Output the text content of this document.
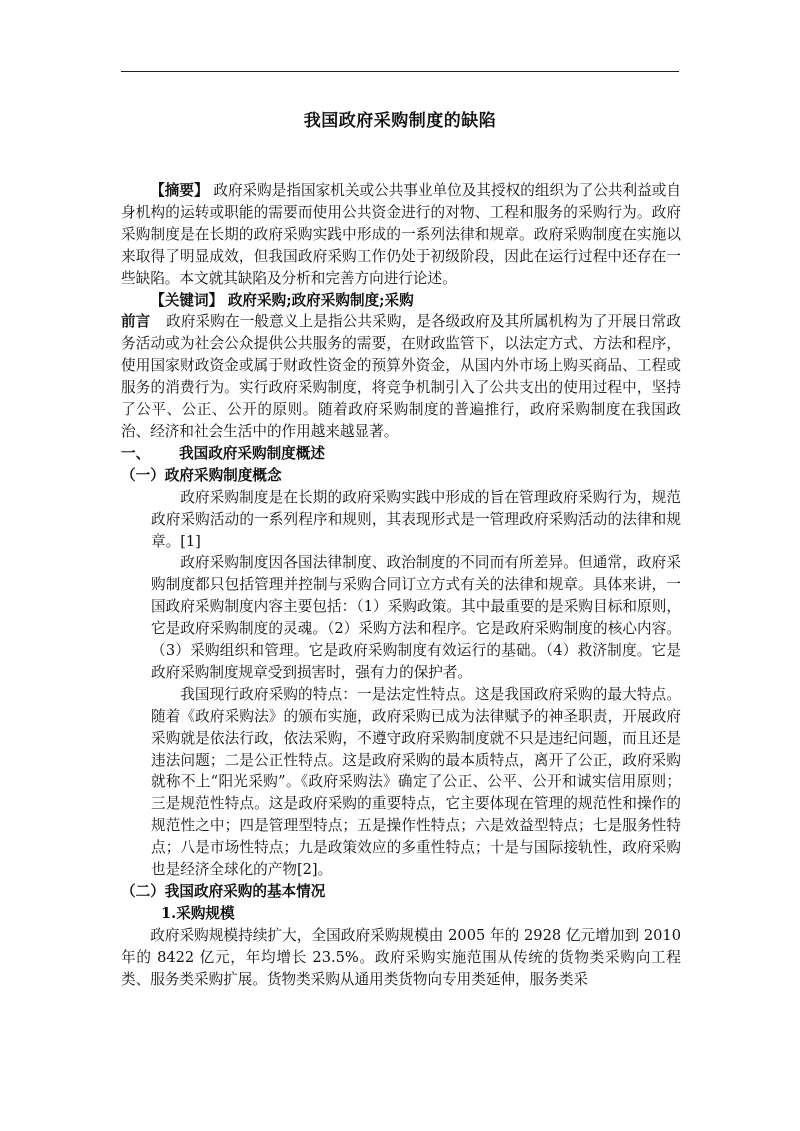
我国政府采购制度的缺陷

【摘要】 政府采购是指国家机关或公共事业单位及其授权的组织为了公共利益或自身机构的运转或职能的需要而使用公共资金进行的对物、工程和服务的采购行为。政府采购制度是在长期的政府采购实践中形成的一系列法律和规章。政府采购制度在实施以来取得了明显成效，但我国政府采购工作仍处于初级阶段，因此在运行过程中还存在一些缺陷。本文就其缺陷及分析和完善方向进行论述。

【关键词】 政府采购;政府采购制度;采购

前言 政府采购在一般意义上是指公共采购，是各级政府及其所属机构为了开展日常政务活动或为社会公众提供公共服务的需要，在财政监管下，以法定方式、方法和程序，使用国家财政资金或属于财政性资金的预算外资金，从国内外市场上购买商品、工程或服务的消费行为。实行政府采购制度，将竞争机制引入了公共支出的使用过程中，坚持了公平、公正、公开的原则。随着政府采购制度的普遍推行，政府采购制度在我国政治、经济和社会生活中的作用越来越显著。

一、 我国政府采购制度概述

（一）政府采购制度概念

政府采购制度是在长期的政府采购实践中形成的旨在管理政府采购行为，规范政府采购活动的一系列程序和规则，其表现形式是一管理政府采购活动的法律和规章。[1]

政府采购制度因各国法律制度、政治制度的不同而有所差异。但通常，政府采购制度都只包括管理并控制与采购合同订立方式有关的法律和规章。具体来讲，一国政府采购制度内容主要包括：（1）采购政策。其中最重要的是采购目标和原则，它是政府采购制度的灵魂。（2）采购方法和程序。它是政府采购制度的核心内容。（3）采购组织和管理。它是政府采购制度有效运行的基础。（4）救济制度。它是政府采购制度规章受到损害时，强有力的保护者。

我国现行政府采购的特点：一是法定性特点。这是我国政府采购的最大特点。随着《政府采购法》的颁布实施，政府采购已成为法律赋予的神圣职责，开展政府采购就是依法行政，依法采购，不遵守政府采购制度就不只是违纪问题，而且还是违法问题；二是公正性特点。这是政府采购的最本质特点，离开了公正，政府采购就称不上“阳光采购”。《政府采购法》确定了公正、公平、公开和诚实信用原则；三是规范性特点。这是政府采购的重要特点，它主要体现在管理的规范性和操作的规范性之中；四是管理型特点；五是操作性特点；六是效益型特点；七是服务性特点；八是市场性特点；九是政策效应的多重性特点；十是与国际接轨性，政府采购也是经济全球化的产物[2]。

（二）我国政府采购的基本情况

1.采购规模

政府采购规模持续扩大，全国政府采购规模由 2005 年的 2928 亿元增加到 2010 年的 8422 亿元，年均增长 23.5%。政府采购实施范围从传统的货物类采购向工程类、服务类采购扩展。货物类采购从通用类货物向专用类延伸，服务类采
